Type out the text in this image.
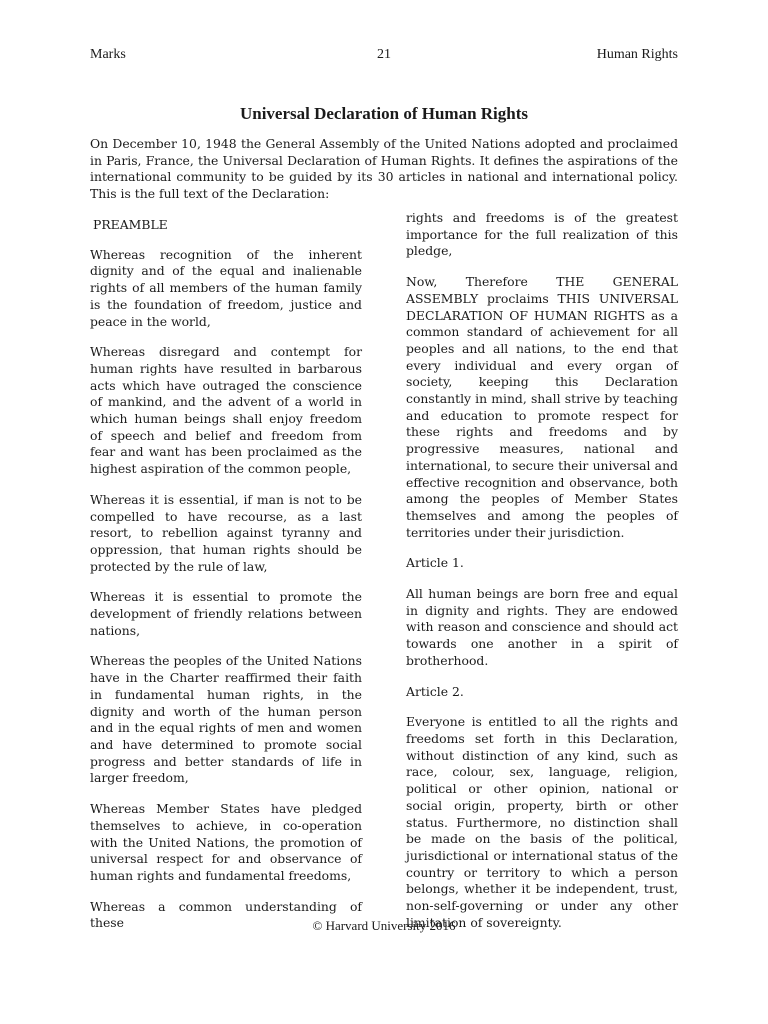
Marks	21	Human Rights
Universal Declaration of Human Rights

On December 10, 1948 the General Assembly of the United Nations adopted and proclaimed in Paris, France, the Universal Declaration of Human Rights. It defines the aspirations of the international community to be guided by its 30 articles in national and international policy. This is the full text of the Declaration:

PREAMBLE

Whereas recognition of the inherent dignity and of the equal and inalienable rights of all members of the human family is the foundation of freedom, justice and peace in the world,

Whereas disregard and contempt for human rights have resulted in barbarous acts which have outraged the conscience of mankind, and the advent of a world in which human beings shall enjoy freedom of speech and belief and freedom from fear and want has been proclaimed as the highest aspiration of the common people,

Whereas it is essential, if man is not to be compelled to have recourse, as a last resort, to rebellion against tyranny and oppression, that human rights should be protected by the rule of law,

Whereas it is essential to promote the development of friendly relations between nations,

Whereas the peoples of the United Nations have in the Charter reaffirmed their faith in fundamental human rights, in the dignity and worth of the human person and in the equal rights of men and women and have determined to promote social progress and better standards of life in larger freedom,

Whereas Member States have pledged themselves to achieve, in co-operation with the United Nations, the promotion of universal respect for and observance of human rights and fundamental freedoms,

Whereas a common understanding of these

rights and freedoms is of the greatest importance for the full realization of this pledge,

Now, Therefore THE GENERAL ASSEMBLY proclaims THIS UNIVERSAL DECLARATION OF HUMAN RIGHTS as a common standard of achievement for all peoples and all nations, to the end that every individual and every organ of society, keeping this Declaration constantly in mind, shall strive by teaching and education to promote respect for these rights and freedoms and by progressive measures, national and international, to secure their universal and effective recognition and observance, both among the peoples of Member States themselves and among the peoples of territories under their jurisdiction.

Article 1.

All human beings are born free and equal in dignity and rights. They are endowed with reason and conscience and should act towards one another in a spirit of brotherhood.

Article 2.

Everyone is entitled to all the rights and freedoms set forth in this Declaration, without distinction of any kind, such as race, colour, sex, language, religion, political or other opinion, national or social origin, property, birth or other status. Furthermore, no distinction shall be made on the basis of the political, jurisdictional or international status of the country or territory to which a person belongs, whether it be independent, trust, non-self-governing or under any other limitation of sovereignty.

© Harvard University 2016
